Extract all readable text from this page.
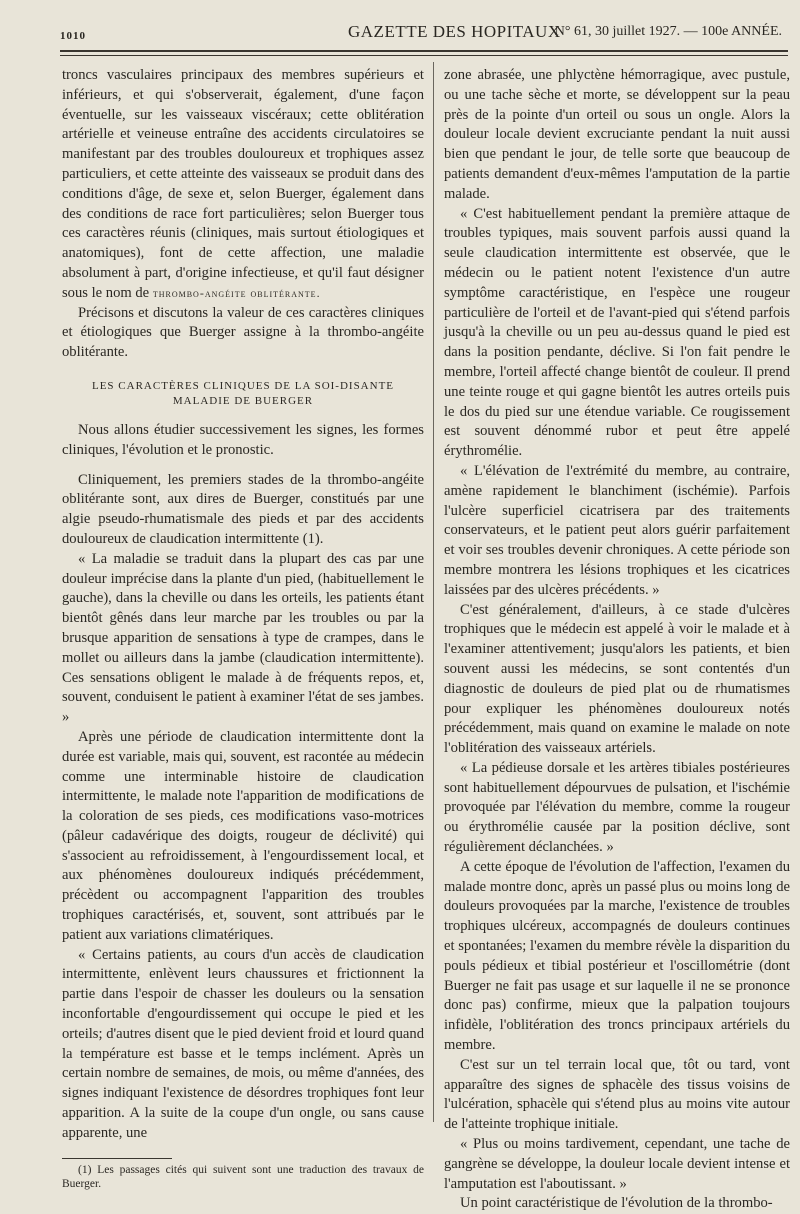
1010	GAZETTE DES HOPITAUX
N° 61, 30 juillet 1927. — 100e ANNÉE.

troncs vasculaires principaux des membres supérieurs et inférieurs, et qui s'observerait, également, d'une façon éventuelle, sur les vaisseaux viscéraux; cette oblitération artérielle et veineuse entraîne des accidents circulatoires se manifestant par des troubles douloureux et trophiques assez particuliers, et cette atteinte des vaisseaux se produit dans des conditions d'âge, de sexe et, selon Buerger, également dans des conditions de race fort particulières; selon Buerger tous ces caractères réunis (cliniques, mais surtout étiologiques et anatomiques), font de cette affection, une maladie absolument à part, d'origine infectieuse, et qu'il faut désigner sous le nom de thrombo-angéite oblitérante.

Précisons et discutons la valeur de ces caractères cliniques et étiologiques que Buerger assigne à la thrombo-angéite oblitérante.

LES CARACTÈRES CLINIQUES DE LA SOI-DISANTE MALADIE DE BUERGER

Nous allons étudier successivement les signes, les formes cliniques, l'évolution et le pronostic.

Cliniquement, les premiers stades de la thrombo-angéite oblitérante sont, aux dires de Buerger, constitués par une algie pseudo-rhumatismale des pieds et par des accidents douloureux de claudication intermittente (1).

« La maladie se traduit dans la plupart des cas par une douleur imprécise dans la plante d'un pied, (habituellement le gauche), dans la cheville ou dans les orteils, les patients étant bientôt gênés dans leur marche par les troubles ou par la brusque apparition de sensations à type de crampes, dans le mollet ou ailleurs dans la jambe (claudication intermittente). Ces sensations obligent le malade à de fréquents repos, et, souvent, conduisent le patient à examiner l'état de ses jambes. »

Après une période de claudication intermittente dont la durée est variable, mais qui, souvent, est racontée au médecin comme une interminable histoire de claudication intermittente, le malade note l'apparition de modifications de la coloration de ses pieds, ces modifications vaso-motrices (pâleur cadavérique des doigts, rougeur de déclivité) qui s'associent au refroidissement, à l'engourdissement local, et aux phénomènes douloureux indiqués précédemment, précèdent ou accompagnent l'apparition des troubles trophiques caractérisés, et, souvent, sont attribués par le patient aux variations climatériques.

« Certains patients, au cours d'un accès de claudication intermittente, enlèvent leurs chaussures et frictionnent la partie dans l'espoir de chasser les douleurs ou la sensation inconfortable d'engourdissement qui occupe le pied et les orteils; d'autres disent que le pied devient froid et lourd quand la température est basse et le temps inclément. Après un certain nombre de semaines, de mois, ou même d'années, des signes indiquant l'existence de désordres trophiques font leur apparition. A la suite de la coupe d'un ongle, ou sans cause apparente, une

(1) Les passages cités qui suivent sont une traduction des travaux de Buerger.

zone abrasée, une phlyctène hémorragique, avec pustule, ou une tache sèche et morte, se développent sur la peau près de la pointe d'un orteil ou sous un ongle. Alors la douleur locale devient excruciante pendant la nuit aussi bien que pendant le jour, de telle sorte que beaucoup de patients demandent d'eux-mêmes l'amputation de la partie malade.

« C'est habituellement pendant la première attaque de troubles typiques, mais souvent parfois aussi quand la seule claudication intermittente est observée, que le médecin ou le patient notent l'existence d'un autre symptôme caractéristique, en l'espèce une rougeur particulière de l'orteil et de l'avant-pied qui s'étend parfois jusqu'à la cheville ou un peu au-dessus quand le pied est dans la position pendante, déclive. Si l'on fait pendre le membre, l'orteil affecté change bientôt de couleur. Il prend une teinte rouge et qui gagne bientôt les autres orteils puis le dos du pied sur une étendue variable. Ce rougissement est souvent dénommé rubor et peut être appelé érythromélie.

« L'élévation de l'extrémité du membre, au contraire, amène rapidement le blanchiment (ischémie). Parfois l'ulcère superficiel cicatrisera par des traitements conservateurs, et le patient peut alors guérir parfaitement et voir ses troubles devenir chroniques. A cette période son membre montrera les lésions trophiques et les cicatrices laissées par des ulcères précédents. »

C'est généralement, d'ailleurs, à ce stade d'ulcères trophiques que le médecin est appelé à voir le malade et à l'examiner attentivement; jusqu'alors les patients, et bien souvent aussi les médecins, se sont contentés d'un diagnostic de douleurs de pied plat ou de rhumatismes pour expliquer les phénomènes douloureux notés précédemment, mais quand on examine le malade on note l'oblitération des vaisseaux artériels.

« La pédieuse dorsale et les artères tibiales postérieures sont habituellement dépourvues de pulsation, et l'ischémie provoquée par l'élévation du membre, comme la rougeur ou érythromélie causée par la position déclive, sont régulièrement déclanchées. »

A cette époque de l'évolution de l'affection, l'examen du malade montre donc, après un passé plus ou moins long de douleurs provoquées par la marche, l'existence de troubles trophiques ulcéreux, accompagnés de douleurs continues et spontanées; l'examen du membre révèle la disparition du pouls pédieux et tibial postérieur et l'oscillométrie (dont Buerger ne fait pas usage et sur laquelle il ne se prononce donc pas) confirme, mieux que la palpation toujours infidèle, l'oblitération des troncs principaux artériels du membre.

C'est sur un tel terrain local que, tôt ou tard, vont apparaître des signes de sphacèle des tissus voisins de l'ulcération, sphacèle qui s'étend plus au moins vite autour de l'atteinte trophique initiale.

« Plus ou moins tardivement, cependant, une tache de gangrène se développe, la douleur locale devient intense et l'amputation est l'aboutissant. »

Un point caractéristique de l'évolution de la thrombo-
